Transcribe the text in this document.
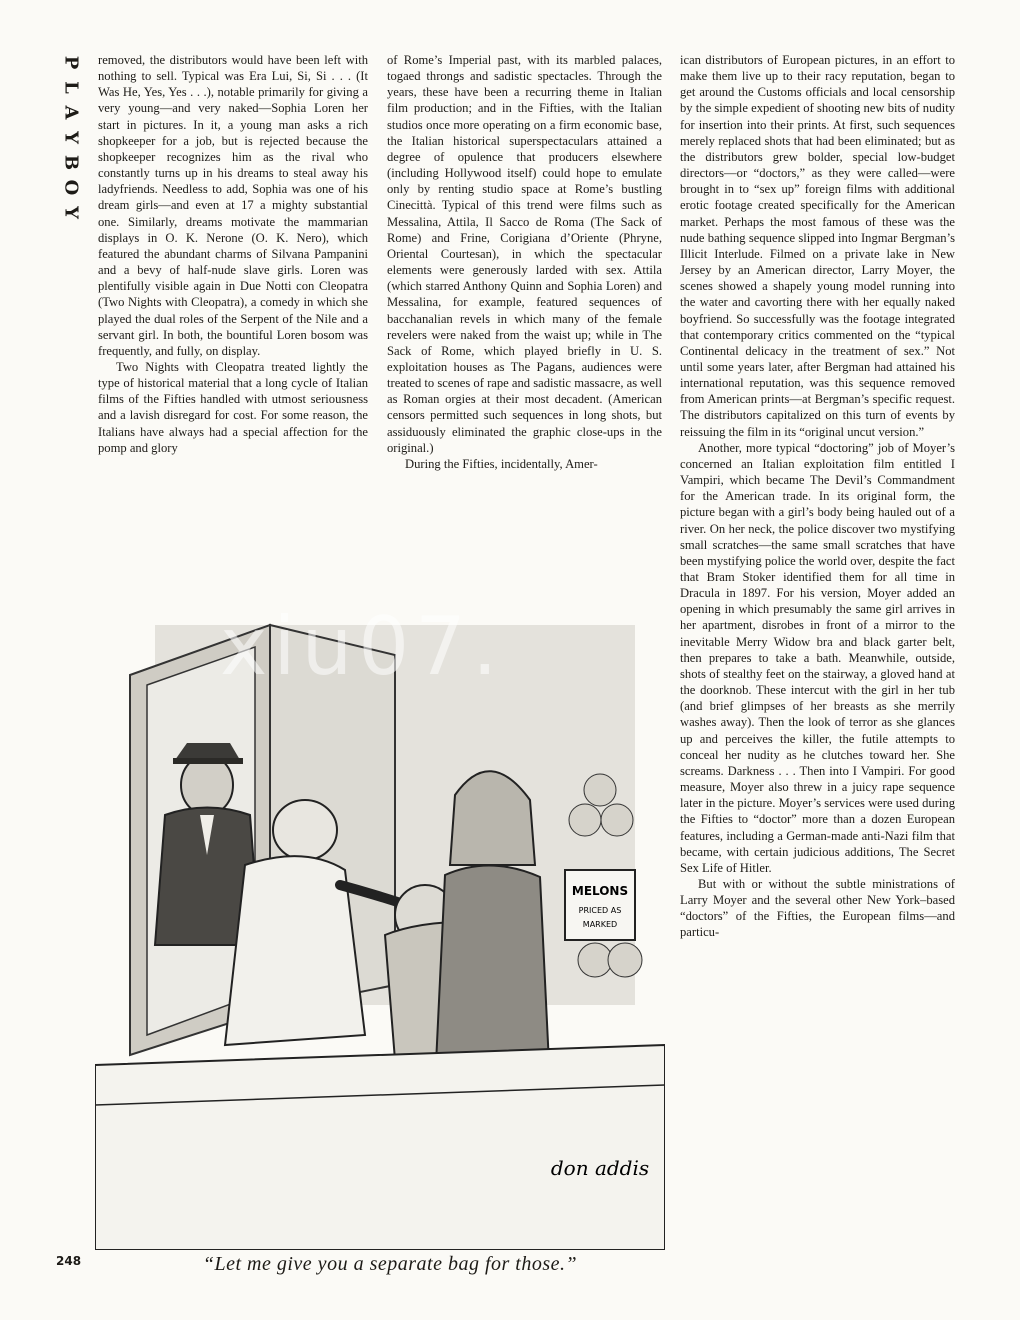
P
L
A
Y
B
O
Y

removed, the distributors would have been left with nothing to sell. Typical was Era Lui, Si, Si . . . (It Was He, Yes, Yes . . .), notable primarily for giving a very young—and very naked—Sophia Loren her start in pictures. In it, a young man asks a rich shopkeeper for a job, but is rejected because the shopkeeper recognizes him as the rival who constantly turns up in his dreams to steal away his ladyfriends. Needless to add, Sophia was one of his dream girls—and even at 17 a mighty substantial one. Similarly, dreams motivate the mammarian displays in O. K. Nerone (O. K. Nero), which featured the abundant charms of Silvana Pampanini and a bevy of half-nude slave girls. Loren was plentifully visible again in Due Notti con Cleopatra (Two Nights with Cleopatra), a comedy in which she played the dual roles of the Serpent of the Nile and a servant girl. In both, the bountiful Loren bosom was frequently, and fully, on display.

Two Nights with Cleopatra treated lightly the type of historical material that a long cycle of Italian films of the Fifties handled with utmost seriousness and a lavish disregard for cost. For some reason, the Italians have always had a special affection for the pomp and glory

of Rome’s Imperial past, with its marbled palaces, togaed throngs and sadistic spectacles. Through the years, these have been a recurring theme in Italian film production; and in the Fifties, with the Italian studios once more operating on a firm economic base, the Italian historical superspectaculars attained a degree of opulence that producers elsewhere (including Hollywood itself) could hope to emulate only by renting studio space at Rome’s bustling Cinecittà. Typical of this trend were films such as Messalina, Attila, Il Sacco de Roma (The Sack of Rome) and Frine, Corigiana d’Oriente (Phryne, Oriental Courtesan), in which the spectacular elements were generously larded with sex. Attila (which starred Anthony Quinn and Sophia Loren) and Messalina, for example, featured sequences of bacchanalian revels in which many of the female revelers were naked from the waist up; while in The Sack of Rome, which played briefly in U. S. exploitation houses as The Pagans, audiences were treated to scenes of rape and sadistic massacre, as well as Roman orgies at their most decadent. (American censors permitted such sequences in long shots, but assiduously eliminated the graphic close-ups in the original.)

During the Fifties, incidentally, Amer-

ican distributors of European pictures, in an effort to make them live up to their racy reputation, began to get around the Customs officials and local censorship by the simple expedient of shooting new bits of nudity for insertion into their prints. At first, such sequences merely replaced shots that had been eliminated; but as the distributors grew bolder, special low-budget directors—or “doctors,” as they were called—were brought in to “sex up” foreign films with additional erotic footage created specifically for the American market. Perhaps the most famous of these was the nude bathing sequence slipped into Ingmar Bergman’s Illicit Interlude. Filmed on a private lake in New Jersey by an American director, Larry Moyer, the scenes showed a shapely young model running into the water and cavorting there with her equally naked boyfriend. So successfully was the footage integrated that contemporary critics commented on the “typical Continental delicacy in the treatment of sex.” Not until some years later, after Bergman had attained his international reputation, was this sequence removed from American prints—at Bergman’s specific request. The distributors capitalized on this turn of events by reissuing the film in its “original uncut version.”

Another, more typical “doctoring” job of Moyer’s concerned an Italian exploitation film entitled I Vampiri, which became The Devil’s Commandment for the American trade. In its original form, the picture began with a girl’s body being hauled out of a river. On her neck, the police discover two mystifying small scratches—the same small scratches that have been mystifying police the world over, despite the fact that Bram Stoker identified them for all time in Dracula in 1897. For his version, Moyer added an opening in which presumably the same girl arrives in her apartment, disrobes in front of a mirror to the inevitable Merry Widow bra and black garter belt, then prepares to take a bath. Meanwhile, outside, shots of stealthy feet on the stairway, a gloved hand at the doorknob. These intercut with the girl in her tub (and brief glimpses of her breasts as she merrily washes away). Then the look of terror as she glances up and perceives the killer, the futile attempts to conceal her nudity as he clutches toward her. She screams. Darkness . . . Then into I Vampiri. For good measure, Moyer also threw in a juicy rape sequence later in the picture. Moyer’s services were used during the Fifties to “doctor” more than a dozen European features, including a German-made anti-Nazi film that became, with certain judicious additions, The Secret Sex Life of Hitler.

But with or without the subtle ministrations of Larry Moyer and the several other New York–based “doctors” of the Fifties, the European films—and particu-

MELONS
PRICED AS
MARKED
don addis
xiu07.
248	“Let me give you a separate bag for those.”
